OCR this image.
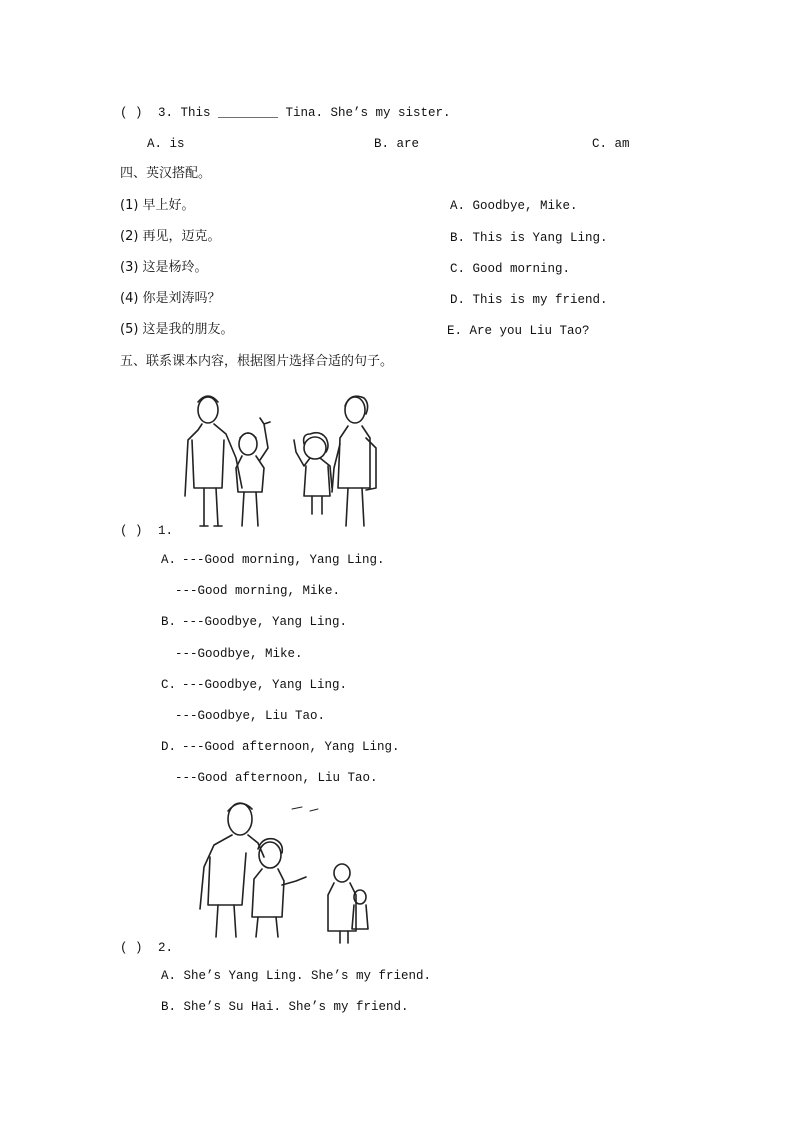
( ) 3. This ________ Tina. She’s my sister.
A. is	B. are	C. am
四、英汉搭配。
(1) 早上好。
(2) 再见，迈克。
(3) 这是杨玲。
(4) 你是刘涛吗？
(5) 这是我的朋友。
A. Goodbye, Mike.
B. This is Yang Ling.
C. Good morning.
D. This is my friend.
E. Are you Liu Tao?
五、联系课本内容，根据图片选择合适的句子。
( ) 1.
A. ---Good morning, Yang Ling.
---Good morning, Mike.
B. ---Goodbye, Yang Ling.
---Goodbye, Mike.
C. ---Goodbye, Yang Ling.
---Goodbye, Liu Tao.
D. ---Good afternoon, Yang Ling.
---Good afternoon, Liu Tao.
( ) 2.
A. She’s Yang Ling. She’s my friend.
B. She’s Su Hai. She’s my friend.
